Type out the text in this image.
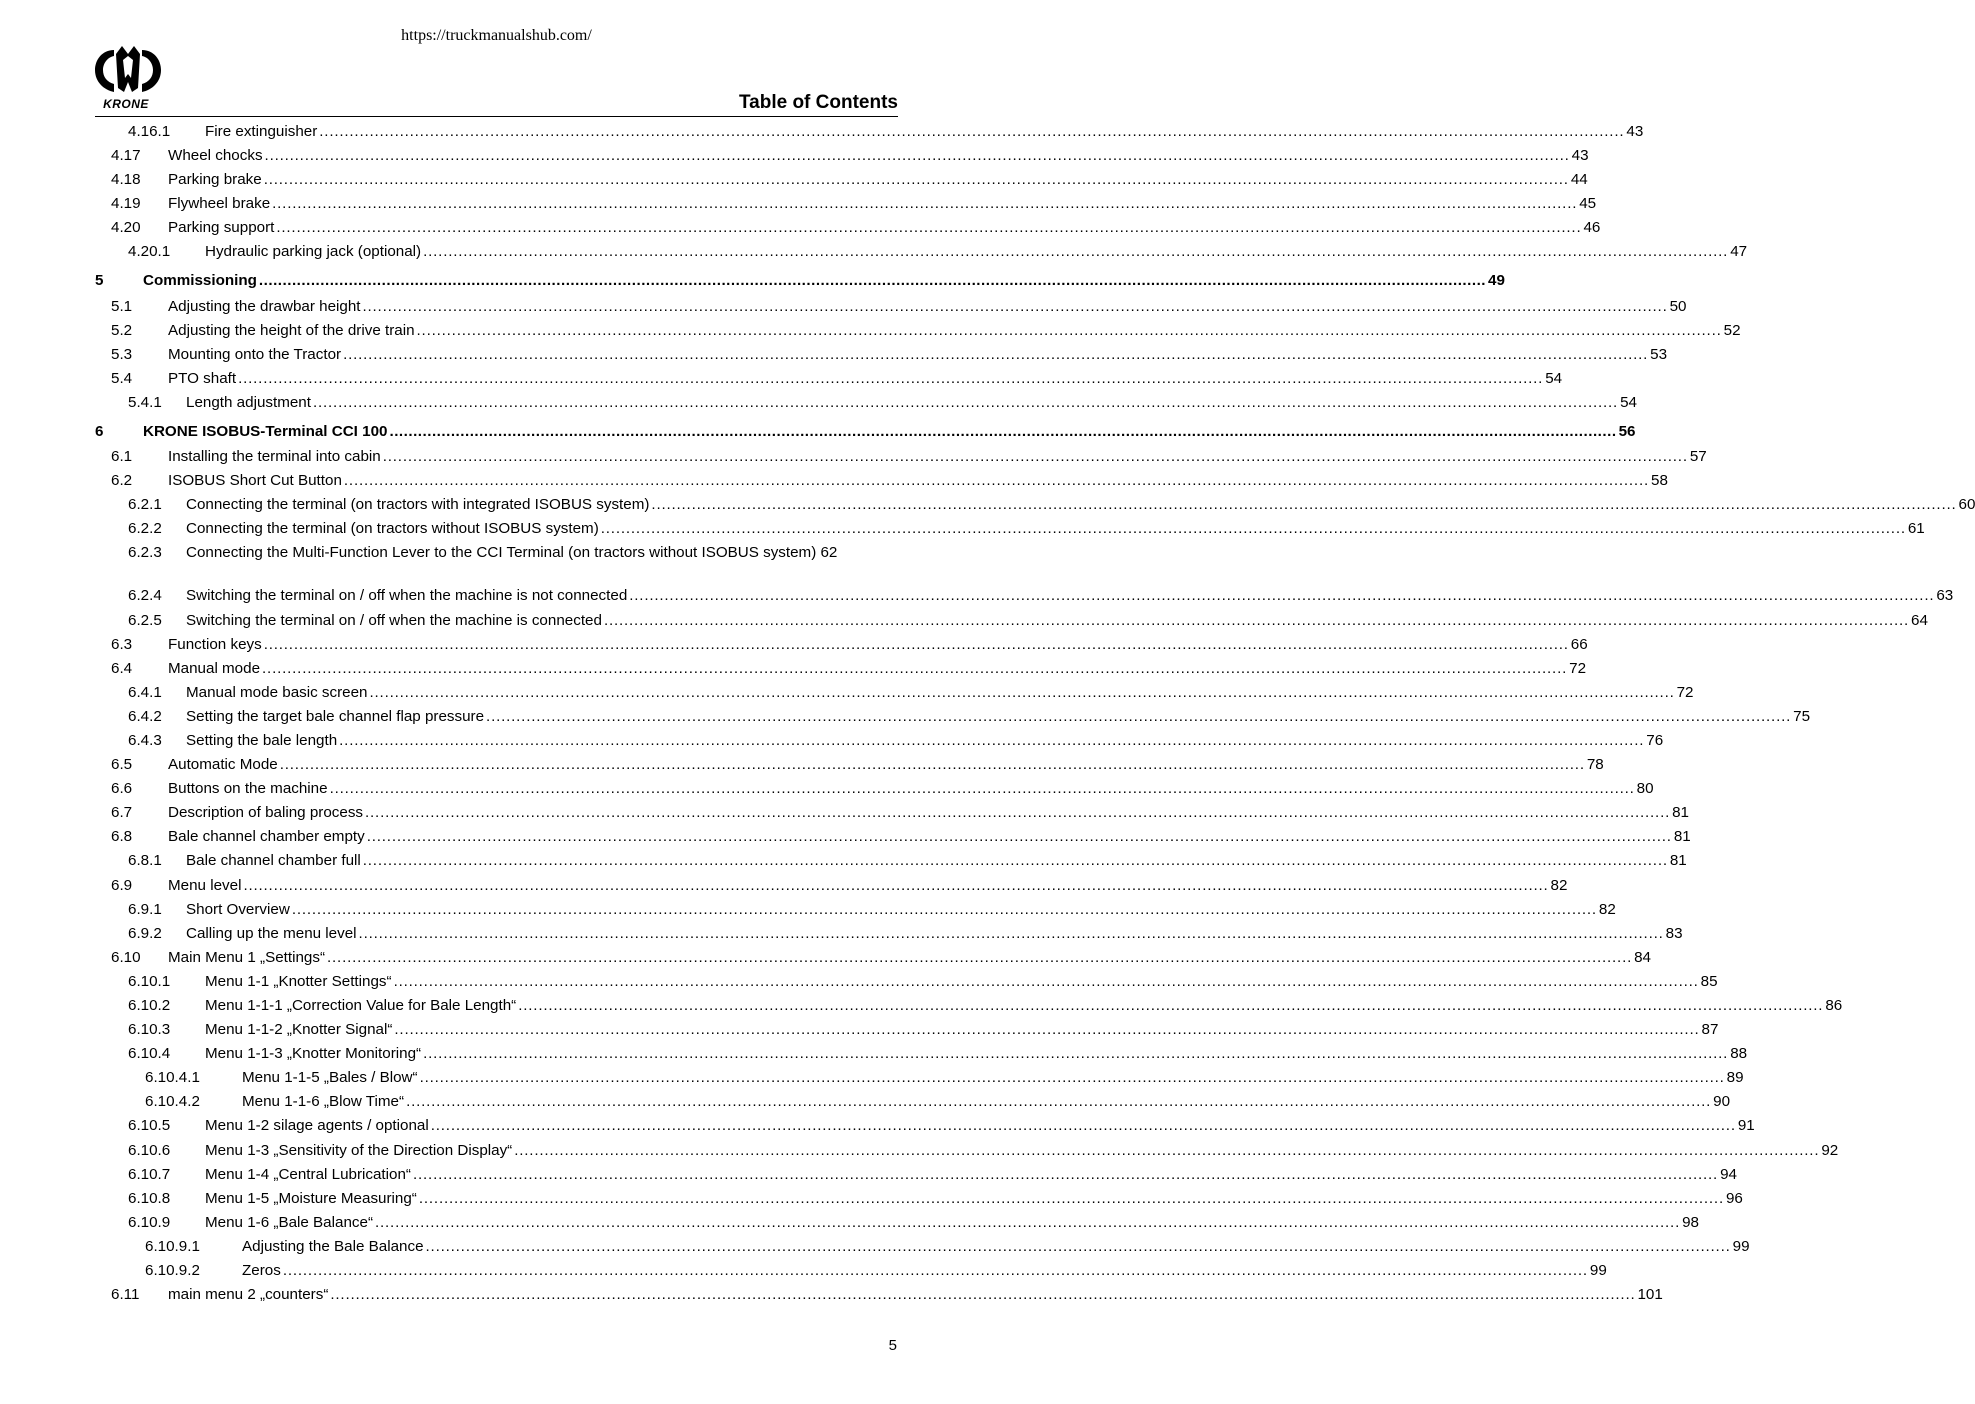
https://truckmanualshub.com/
KRONE	Table of Contents
4.16.1 Fire extinguisher .................................................................................................................................................................................................................................................................... 43
4.17 Wheel chocks .................................................................................................................................................................................................................................................................... 43
4.18 Parking brake .................................................................................................................................................................................................................................................................... 44
4.19 Flywheel brake .................................................................................................................................................................................................................................................................... 45
4.20 Parking support .................................................................................................................................................................................................................................................................... 46
4.20.1 Hydraulic parking jack (optional) .................................................................................................................................................................................................................................................................... 47
5	Commissioning .................................................................................................................................................................................................................................................................... 49
5.1 Adjusting the drawbar height .................................................................................................................................................................................................................................................................... 50
5.2 Adjusting the height of the drive train .................................................................................................................................................................................................................................................................... 52
5.3 Mounting onto the Tractor .................................................................................................................................................................................................................................................................... 53
5.4 PTO shaft .................................................................................................................................................................................................................................................................... 54
5.4.1 Length adjustment .................................................................................................................................................................................................................................................................... 54
6	KRONE ISOBUS-Terminal CCI 100 .................................................................................................................................................................................................................................................................... 56
6.1 Installing the terminal into cabin .................................................................................................................................................................................................................................................................... 57
6.2 ISOBUS Short Cut Button .................................................................................................................................................................................................................................................................... 58
6.2.1 Connecting the terminal (on tractors with integrated ISOBUS system) .................................................................................................................................................................................................................................................................... 60
6.2.2 Connecting the terminal (on tractors without ISOBUS system) .................................................................................................................................................................................................................................................................... 61
6.2.3 Connecting the Multi-Function Lever to the CCI Terminal (on tractors without ISOBUS system) 62
6.2.4 Switching the terminal on / off when the machine is not connected .................................................................................................................................................................................................................................................................... 63
6.2.5 Switching the terminal on / off when the machine is connected .................................................................................................................................................................................................................................................................... 64
6.3 Function keys .................................................................................................................................................................................................................................................................... 66
6.4 Manual mode .................................................................................................................................................................................................................................................................... 72
6.4.1 Manual mode basic screen .................................................................................................................................................................................................................................................................... 72
6.4.2 Setting the target bale channel flap pressure .................................................................................................................................................................................................................................................................... 75
6.4.3 Setting the bale length .................................................................................................................................................................................................................................................................... 76
6.5 Automatic Mode .................................................................................................................................................................................................................................................................... 78
6.6 Buttons on the machine .................................................................................................................................................................................................................................................................... 80
6.7 Description of baling process .................................................................................................................................................................................................................................................................... 81
6.8 Bale channel chamber empty .................................................................................................................................................................................................................................................................... 81
6.8.1 Bale channel chamber full .................................................................................................................................................................................................................................................................... 81
6.9 Menu level .................................................................................................................................................................................................................................................................... 82
6.9.1 Short Overview .................................................................................................................................................................................................................................................................... 82
6.9.2 Calling up the menu level .................................................................................................................................................................................................................................................................... 83
6.10 Main Menu 1 „Settings“ .................................................................................................................................................................................................................................................................... 84
6.10.1 Menu 1-1 „Knotter Settings“ .................................................................................................................................................................................................................................................................... 85
6.10.2 Menu 1-1-1 „Correction Value for Bale Length“ .................................................................................................................................................................................................................................................................... 86
6.10.3 Menu 1-1-2 „Knotter Signal“ .................................................................................................................................................................................................................................................................... 87
6.10.4 Menu 1-1-3 „Knotter Monitoring“ .................................................................................................................................................................................................................................................................... 88
6.10.4.1	Menu 1-1-5 „Bales / Blow“ .................................................................................................................................................................................................................................................................... 89
6.10.4.2	Menu 1-1-6 „Blow Time“ .................................................................................................................................................................................................................................................................... 90
6.10.5 Menu 1-2 silage agents / optional .................................................................................................................................................................................................................................................................... 91
6.10.6 Menu 1-3 „Sensitivity of the Direction Display“ .................................................................................................................................................................................................................................................................... 92
6.10.7 Menu 1-4 „Central Lubrication“ .................................................................................................................................................................................................................................................................... 94
6.10.8 Menu 1-5 „Moisture Measuring“ .................................................................................................................................................................................................................................................................... 96
6.10.9 Menu 1-6 „Bale Balance“ .................................................................................................................................................................................................................................................................... 98
6.10.9.1	Adjusting the Bale Balance .................................................................................................................................................................................................................................................................... 99
6.10.9.2	Zeros .................................................................................................................................................................................................................................................................... 99
6.11 main menu 2 „counters“ .................................................................................................................................................................................................................................................................... 101
5
